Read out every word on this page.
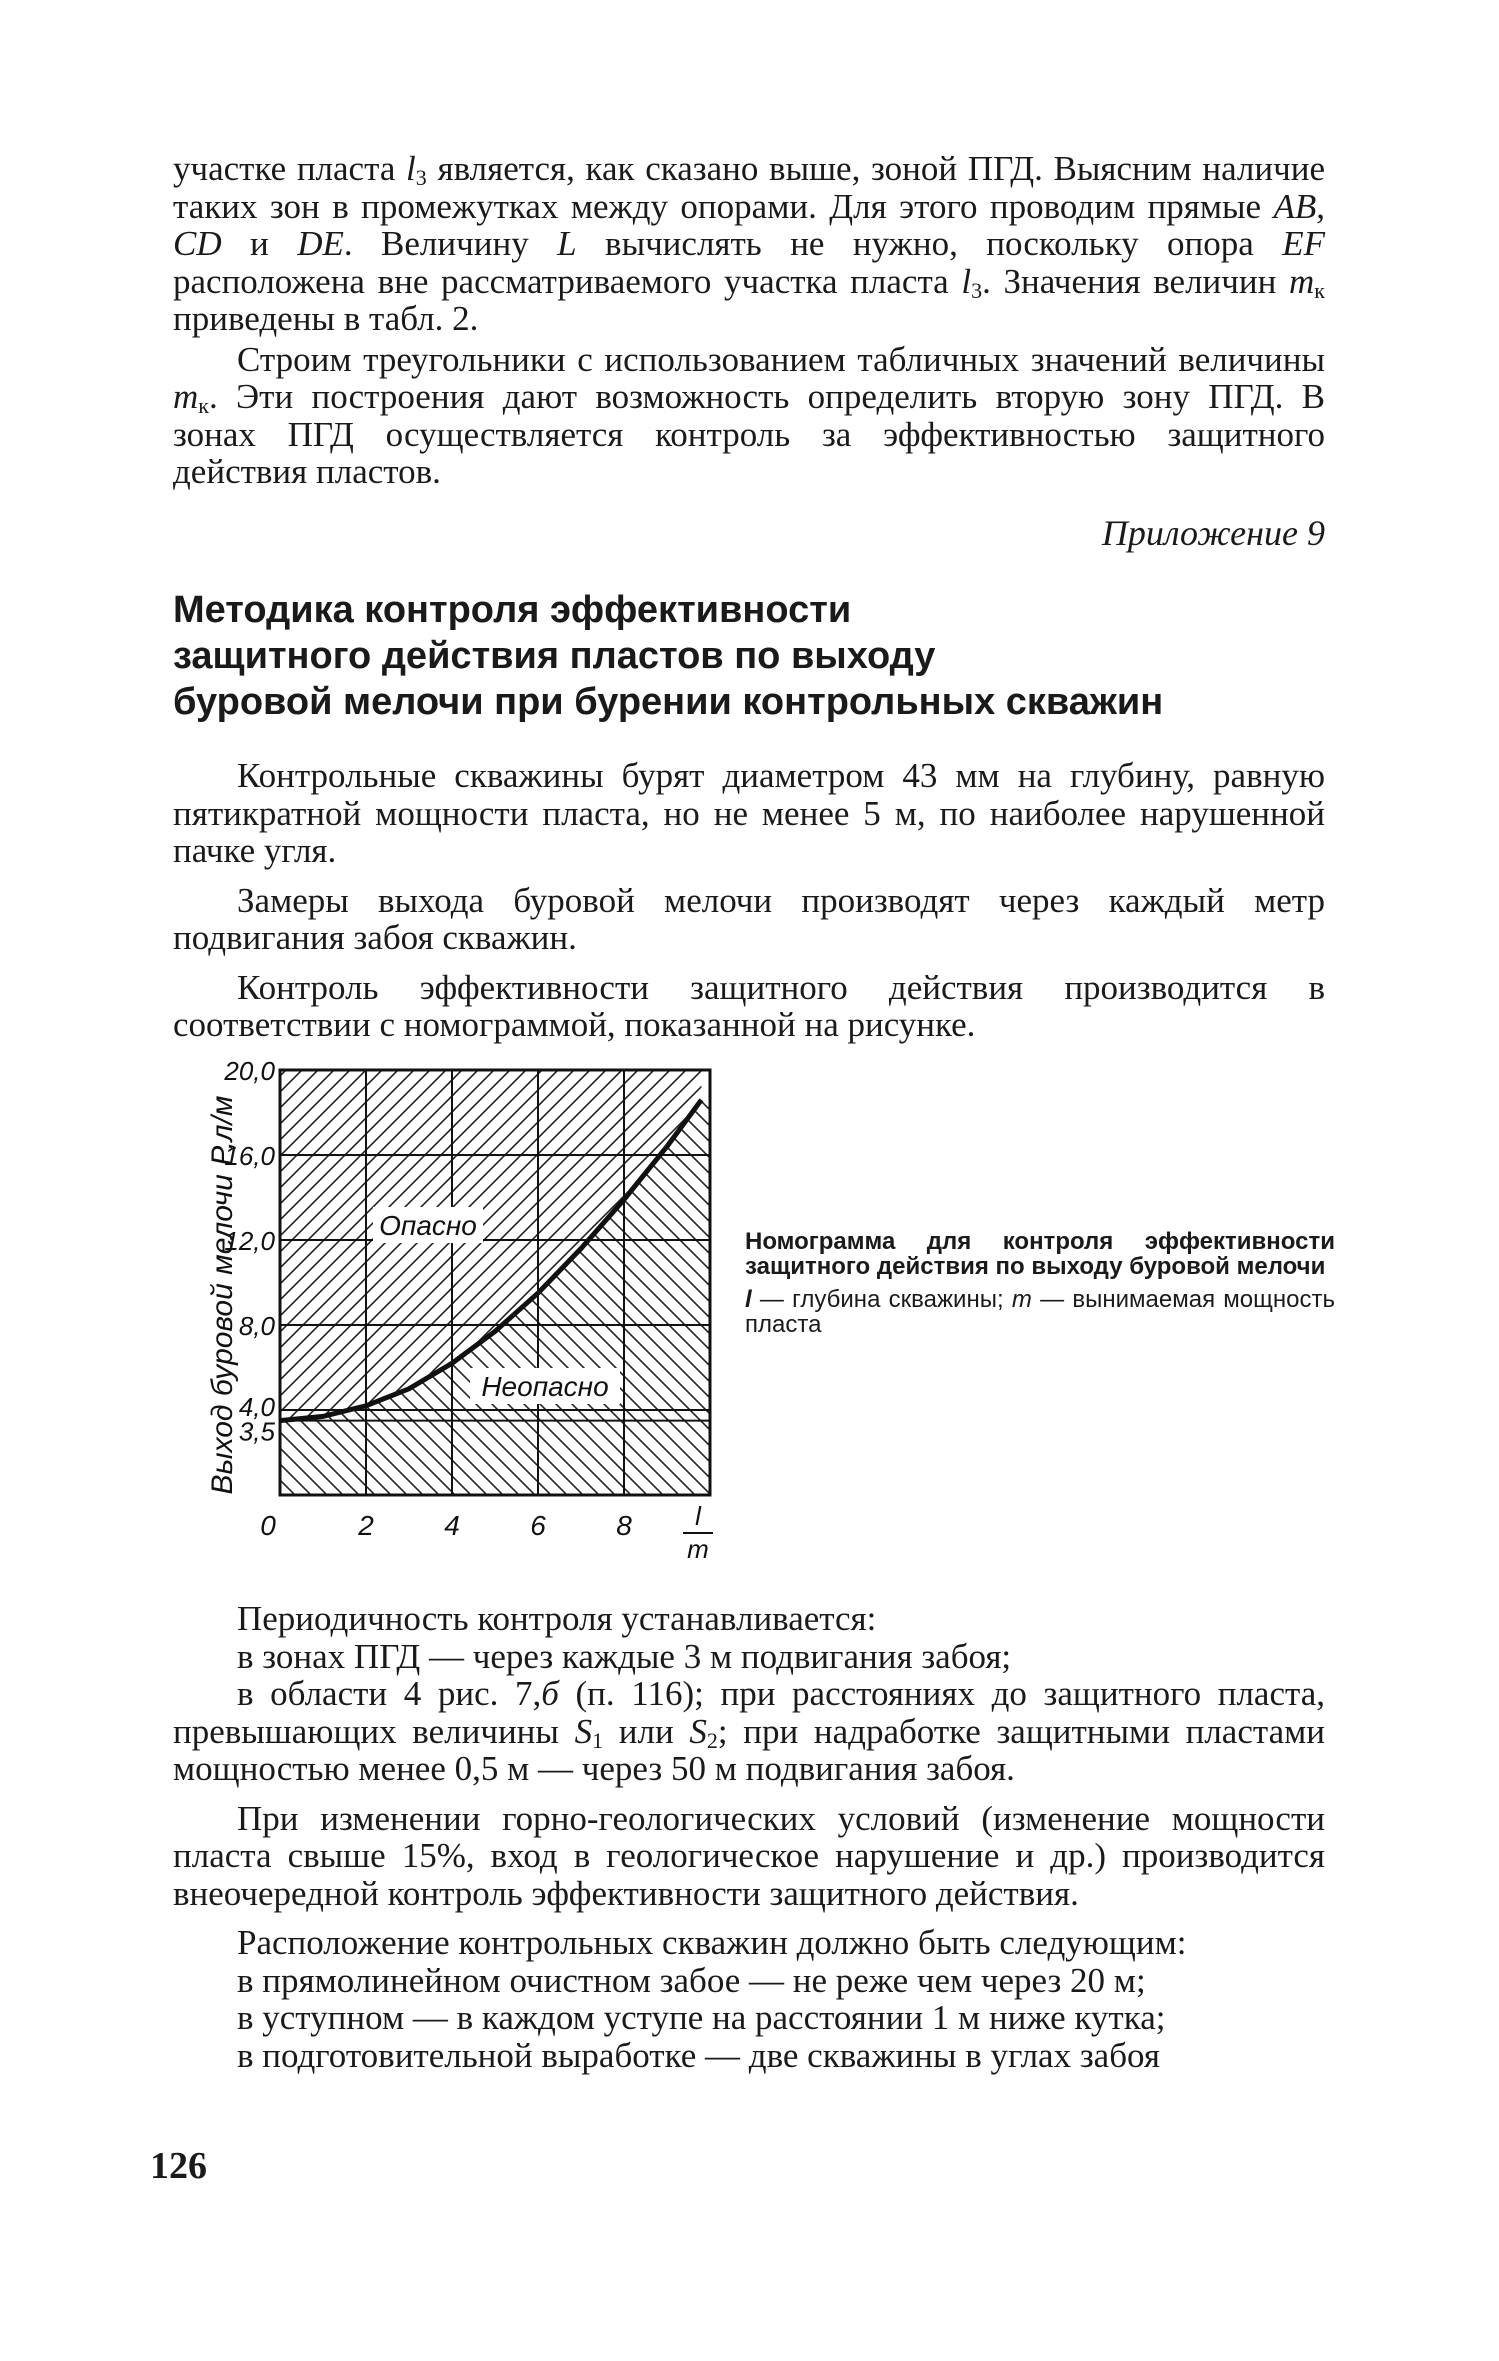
участке пласта $l_3$ является, как сказано выше, зоной ПГД. Выясним наличие таких зон в промежутках между опорами. Для этого проводим прямые AB, CD и DE. Величину L вычислять не нужно, поскольку опора EF расположена вне рассматриваемого участка пласта $l_3$. Значения величин $m_к$ приведены в табл. 2.

Строим треугольники с использованием табличных значений величины $m_к$. Эти построения дают возможность определить вторую зону ПГД. В зонах ПГД осуществляется контроль за эффективностью защитного действия пластов.

Приложение 9

Методика контроля эффективности
защитного действия пластов по выходу
буровой мелочи при бурении контрольных скважин

Контрольные скважины бурят диаметром 43 мм на глубину, равную пятикратной мощности пласта, но не менее 5 м, по наиболее нарушенной пачке угля.

Замеры выхода буровой мелочи производят через каждый метр подвигания забоя скважин.

Контроль эффективности защитного действия производится в соответствии с номограммой, показанной на рисунке.

Опасно
Неопасно
3,5
4,0
8,0
12,0
16,0
20,0
0	2	4	6	8
Выход буровой мелочи P,л/м
l
m
Номограмма для контроля эффективности защитного действия по выходу буровой мелочи
l — глубина скважины; m — вынимаемая мощность пласта

Периодичность контроля устанавливается:

в зонах ПГД — через каждые 3 м подвигания забоя;

в области 4 рис. 7,б (п. 116); при расстояниях до защитного пласта, превышающих величины $S_1$ или $S_2$; при надработке защитными пластами мощностью менее 0,5 м — через 50 м подвигания забоя.

При изменении горно-геологических условий (изменение мощности пласта свыше 15%, вход в геологическое нарушение и др.) производится внеочередной контроль эффективности защитного действия.

Расположение контрольных скважин должно быть следующим:

в прямолинейном очистном забое — не реже чем через 20 м;

в уступном — в каждом уступе на расстоянии 1 м ниже кутка;

в подготовительной выработке — две скважины в углах забоя

126
